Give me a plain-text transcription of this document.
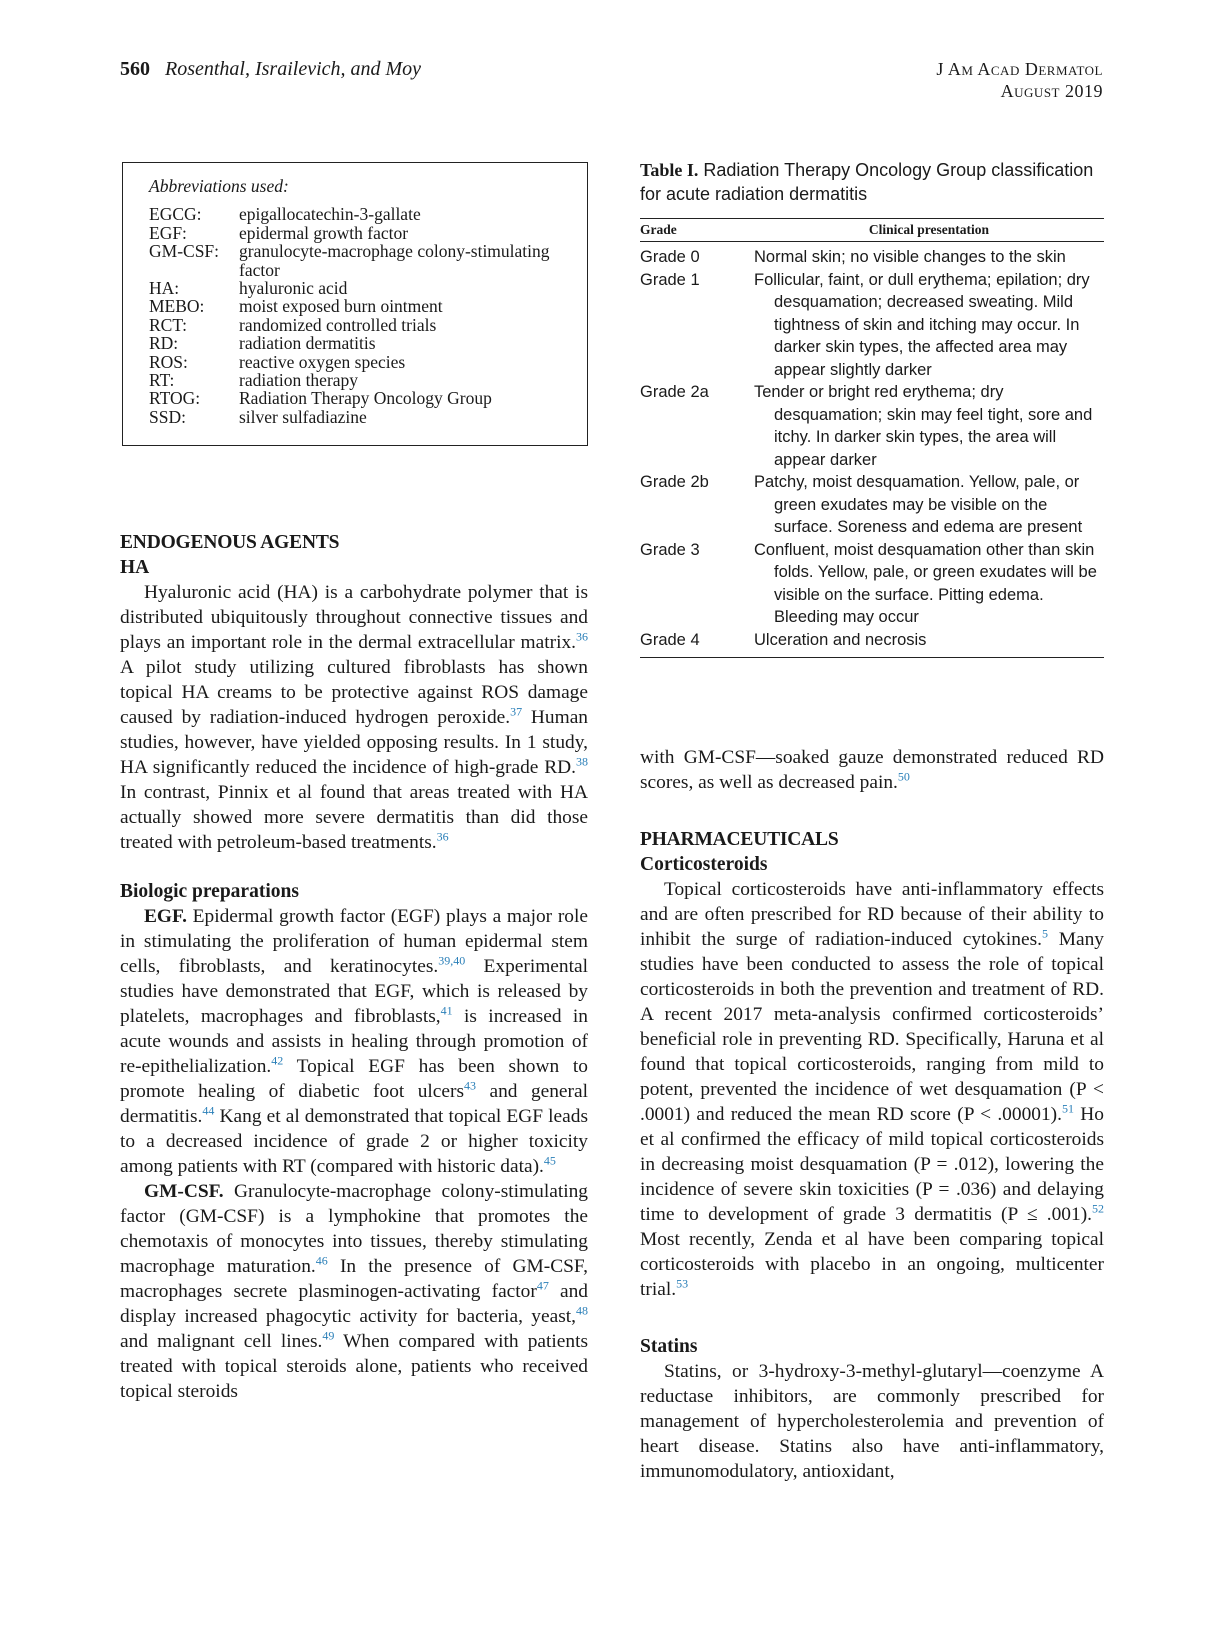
560 Rosenthal, Israilevich, and Moy	J Am Acad Dermatol
August 2019
Abbreviations used:
EGCG:	epigallocatechin-3-gallate
EGF:	epidermal growth factor
GM-CSF:	granulocyte-macrophage colony-stimulating factor
HA:	hyaluronic acid
MEBO:	moist exposed burn ointment
RCT:	randomized controlled trials
RD:	radiation dermatitis
ROS:	reactive oxygen species
RT:	radiation therapy
RTOG:	Radiation Therapy Oncology Group
SSD:	silver sulfadiazine
Table I. Radiation Therapy Oncology Group classification for acute radiation dermatitis
Grade	Clinical presentation
Grade 0	Normal skin; no visible changes to the skin
Grade 1	Follicular, faint, or dull erythema; epilation; dry desquamation; decreased sweating. Mild tightness of skin and itching may occur. In darker skin types, the affected area may appear slightly darker
Grade 2a	Tender or bright red erythema; dry desquamation; skin may feel tight, sore and itchy. In darker skin types, the area will appear darker
Grade 2b	Patchy, moist desquamation. Yellow, pale, or green exudates may be visible on the surface. Soreness and edema are present
Grade 3	Confluent, moist desquamation other than skin folds. Yellow, pale, or green exudates will be visible on the surface. Pitting edema. Bleeding may occur
Grade 4	Ulceration and necrosis
ENDOGENOUS AGENTS
HA

Hyaluronic acid (HA) is a carbohydrate polymer that is distributed ubiquitously throughout connective tissues and plays an important role in the dermal extracellular matrix.$^{36}$ A pilot study utilizing cultured fibroblasts has shown topical HA creams to be protective against ROS damage caused by radiation-induced hydrogen peroxide.$^{37}$ Human studies, however, have yielded opposing results. In 1 study, HA significantly reduced the incidence of high-grade RD.$^{38}$ In contrast, Pinnix et al found that areas treated with HA actually showed more severe dermatitis than did those treated with petroleum-based treatments.$^{36}$

Biologic preparations

EGF. Epidermal growth factor (EGF) plays a major role in stimulating the proliferation of human epidermal stem cells, fibroblasts, and keratinocytes.$^{39,40}$ Experimental studies have demonstrated that EGF, which is released by platelets, macrophages and fibroblasts,$^{41}$ is increased in acute wounds and assists in healing through promotion of re-epithelialization.$^{42}$ Topical EGF has been shown to promote healing of diabetic foot ulcers$^{43}$ and general dermatitis.$^{44}$ Kang et al demonstrated that topical EGF leads to a decreased incidence of grade 2 or higher toxicity among patients with RT (compared with historic data).$^{45}$

GM-CSF. Granulocyte-macrophage colony-stimulating factor (GM-CSF) is a lymphokine that promotes the chemotaxis of monocytes into tissues, thereby stimulating macrophage maturation.$^{46}$ In the presence of GM-CSF, macrophages secrete plasminogen-activating factor$^{47}$ and display increased phagocytic activity for bacteria, yeast,$^{48}$ and malignant cell lines.$^{49}$ When compared with patients treated with topical steroids alone, patients who received topical steroids

with GM-CSF—soaked gauze demonstrated reduced RD scores, as well as decreased pain.$^{50}$

PHARMACEUTICALS
Corticosteroids

Topical corticosteroids have anti-inflammatory effects and are often prescribed for RD because of their ability to inhibit the surge of radiation-induced cytokines.$^5$ Many studies have been conducted to assess the role of topical corticosteroids in both the prevention and treatment of RD. A recent 2017 meta-analysis confirmed corticosteroids’ beneficial role in preventing RD. Specifically, Haruna et al found that topical corticosteroids, ranging from mild to potent, prevented the incidence of wet desquamation (P < .0001) and reduced the mean RD score (P < .00001).$^{51}$ Ho et al confirmed the efficacy of mild topical corticosteroids in decreasing moist desquamation (P = .012), lowering the incidence of severe skin toxicities (P = .036) and delaying time to development of grade 3 dermatitis (P ≤ .001).$^{52}$ Most recently, Zenda et al have been comparing topical corticosteroids with placebo in an ongoing, multicenter trial.$^{53}$

Statins

Statins, or 3-hydroxy-3-methyl-glutaryl—coenzyme A reductase inhibitors, are commonly prescribed for management of hypercholesterolemia and prevention of heart disease. Statins also have anti-inflammatory, immunomodulatory, antioxidant,
